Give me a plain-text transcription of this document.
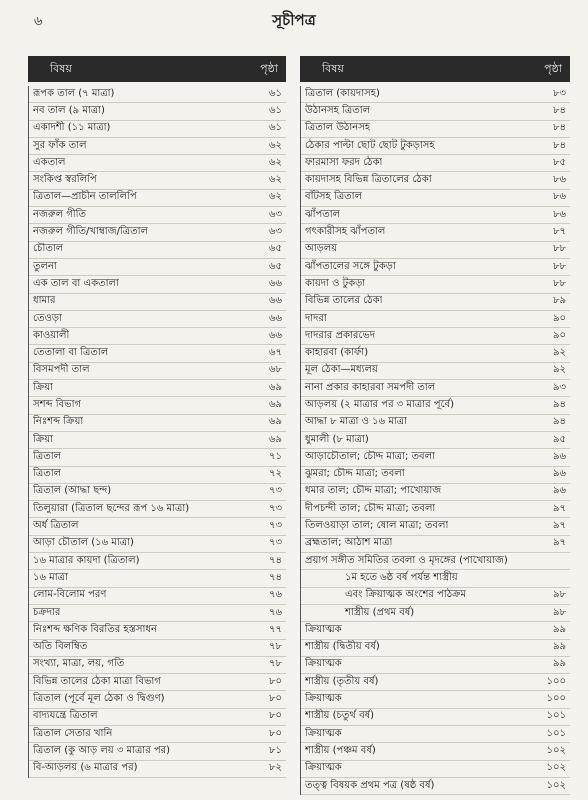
৬	সূচীপত্র
বিষয়	পৃষ্ঠা
রূপক তাল (৭ মাত্রা)	৬১
নব তাল (৯ মাত্রা)	৬১
একাদশী (১১ মাত্রা)	৬১
সুর ফাঁক তাল	৬২
একতাল	৬২
সংকিপ্ত স্বরলিপি	৬২
ত্রিতাল—প্রাচীন তাললিপি	৬২
নজরুল গীতি	৬৩
নজরুল গীতি/খাম্বাজ/ত্রিতাল	৬৩
চৌতাল	৬৫
তুলনা	৬৫
এক তাল বা একতালা	৬৬
ধামার	৬৬
তেওড়া	৬৬
কাওয়ালী	৬৬
তেতালা বা ত্রিতাল	৬৭
বিসমপদী তাল	৬৮
ক্রিয়া	৬৯
সশব্দ বিভাগ	৬৯
নিঃশব্দ ক্রিয়া	৬৯
ক্রিয়া	৬৯
ত্রিতাল	৭১
ত্রিতাল	৭২
ত্রিতাল (আদ্ধা ছন্দ)	৭৩
তিলুয়ারা (ত্রিতাল ছন্দের রূপ ১৬ মাত্রা)	৭৩
অর্ধ ত্রিতাল	৭৩
আড়া চৌতাল (১৬ মাত্রা)	৭৩
১৬ মাত্রার কায়দা (ত্রিতাল)	৭৪
১৬ মাত্রা	৭৪
লোম-বিলোম পরণ	৭৬
চক্রদার	৭৬
নিঃশব্দ ক্ষণিক বিরতির হস্তসাধন	৭৭
অতি বিলম্বিত	৭৮
সংখ্যা, মাত্রা, লয়, গতি	৭৮
বিভিন্ন তালের ঠেকা মাত্রা বিভাগ	৮০
ত্রিতাল (পূর্বে মূল ঠেকা ও দ্বিগুণ)	৮০
বাদ্যযন্ত্রে ত্রিতাল	৮০
ত্রিতাল সেতার খানি	৮০
ত্রিতাল (কু আড় লয় ৩ মাত্রার পর)	৮১
বি-আড়লয় (৬ মাত্রার পর)	৮২
বিষয়	পৃষ্ঠা
ত্রিতাল (কায়দাসহ)	৮৩
উঠানসহ ত্রিতাল	৮৪
ত্রিতাল উঠানসহ	৮৪
ঠেকার পাল্টা ছোট ছোট টুকড়াসহ	৮৪
ফারমাসা ফরদ ঠেকা	৮৫
কায়দাসহ বিভিন্ন ত্রিতালের ঠেকা	৮৬
বাঁটসহ ত্রিতাল	৮৬
ঝাঁপতাল	৮৬
গৎকারীসহ ঝাঁপতাল	৮৭
আড়লয়	৮৮
ঝাঁপতালের সঙ্গে টুকড়া	৮৮
কায়দা ও টুকড়া	৮৮
বিভিন্ন তালের ঠেকা	৮৯
দাদরা	৯০
দাদরার প্রকারভেদ	৯০
কাহারবা (কার্ফা)	৯২
মূল ঠেকা—মধ্যলয়	৯২
নানা প্রকার কাহারবা সমপদী তাল	৯৩
আড়লয় (২ মাত্রার পর ৩ মাত্রার পূর্বে)	৯৪
আদ্ধা ৮ মাত্রা ও ১৬ মাত্রা	৯৪
ধুমালী (৮ মাত্রা)	৯৫
আড়াচৌতাল; চৌদ্দ মাত্রা; তবলা	৯৬
ঝুমরা; চৌদ্দ মাত্রা; তবলা	৯৬
ধমার তাল; চৌদ্দ মাত্রা; পাখোয়াজ	৯৬
দীপচন্দী তাল; চৌদ্দ মাত্রা; তবলা	৯৭
তিলওয়াড়া তাল; ষোল মাত্রা; তবলা	৯৭
ব্রহ্মতাল; আঠাশ মাত্রা	৯৭
প্রয়াগ সঙ্গীত সমিতির তবলা ও মৃদঙ্গের (পাখোয়াজ)
১ম হতে ৬ষ্ঠ বর্ষ পর্যন্ত শাস্ত্রীয়
এবং ক্রিয়াত্মক অংশের পাঠক্রম	৯৮
শাস্ত্রীয় (প্রথম বর্ষ)	৯৮
ক্রিয়াত্মক	৯৯
শাস্ত্রীয় (দ্বিতীয় বর্ষ)	৯৯
ক্রিয়াত্মক	৯৯
শাস্ত্রীয় (তৃতীয় বর্ষ)	১০০
ক্রিয়াত্মক	১০০
শাস্ত্রীয় (চতুর্থ বর্ষ)	১০১
ক্রিয়াত্মক	১০১
শাস্ত্রীয় (পঞ্চম বর্ষ)	১০২
ক্রিয়াত্মক	১০২
তত্ত্ব বিষয়ক প্রথম পত্র (ষষ্ঠ বর্ষ)	১০২
